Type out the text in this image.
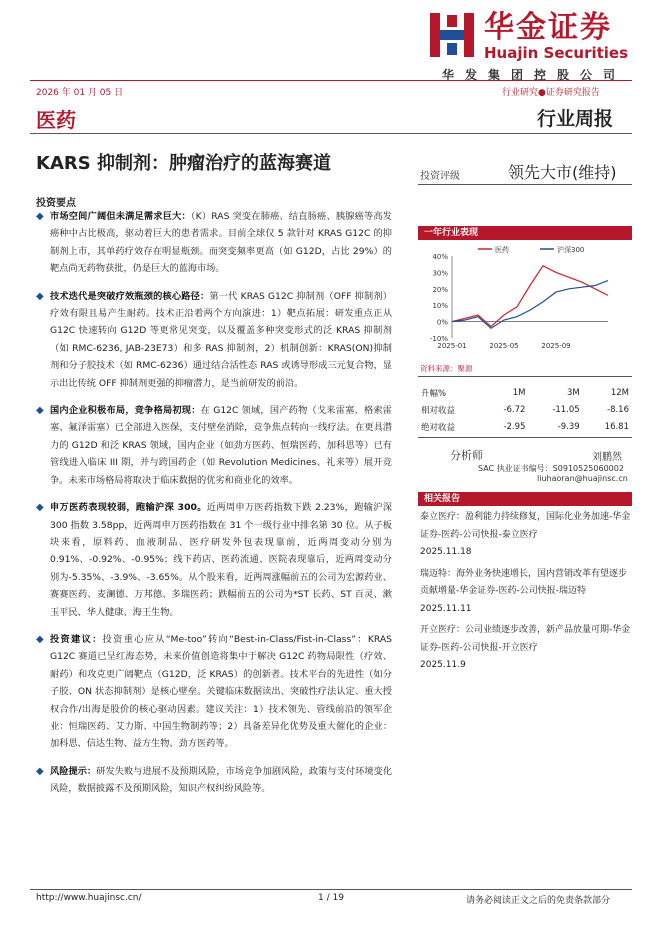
华金证券
Huajin Securities
华发集团控股公司
2026 年 01 月 05 日	行业研究●证券研究报告
医药	行业周报
KARS 抑制剂：肿瘤治疗的蓝海赛道
投资评级	领先大市(维持)
投资要点
◆ 市场空间广阔但未满足需求巨大：（K）RAS 突变在肺癌、结直肠癌、胰腺癌等高发癌种中占比极高，驱动着巨大的患者需求。目前全球仅 5 款针对 KRAS G12C 的抑制剂上市，其单药疗效存在明显瓶颈。而突变频率更高（如 G12D，占比 29%）的靶点尚无药物获批，仍是巨大的蓝海市场。
◆ 技术迭代是突破疗效瓶颈的核心路径：第一代 KRAS G12C 抑制剂（OFF 抑制剂）疗效有限且易产生耐药。技术正沿着两个方向演进：1）靶点拓展：研发重点正从 G12C 快速转向 G12D 等更常见突变，以及覆盖多种突变形式的泛 KRAS 抑制剂（如 RMC-6236, JAB-23E73）和多 RAS 抑制剂，2）机制创新：KRAS(ON)抑制剂和分子胶技术（如 RMC-6236）通过结合活性态 RAS 或诱导形成三元复合物，显示出比传统 OFF 抑制剂更强的抑瘤潜力，是当前研发的前沿。
◆ 国内企业积极布局，竞争格局初现：在 G12C 领域，国产药物（戈来雷塞、格索雷塞、氟泽雷塞）已全部进入医保，支付壁垒消除，竞争焦点转向一线疗法。在更具潜力的 G12D 和泛 KRAS 领域，国内企业（如劲方医药、恒瑞医药、加科思等）已有管线进入临床 III 期，并与跨国药企（如 Revolution Medicines、礼来等）展开竞争。未来市场格局将取决于临床数据的优劣和商业化的效率。
◆ 申万医药表现较弱，跑输沪深 300。近两周申万医药指数下跌 2.23%，跑输沪深 300 指数 3.58pp，近两周申万医药指数在 31 个一级行业中排名第 30 位。从子板块来看，原料药、血液制品、医疗研发外包表现靠前，近两周变动分别为 0.91%、-0.92%、-0.95%；线下药店、医药流通、医院表现靠后，近两周变动分别为-5.35%、-3.9%、-3.65%。从个股来看，近两周涨幅前五的公司为宏源药业、赛赛医药、麦澜德、万邦德、多瑞医药；跌幅前五的公司为*ST 长药、ST 百灵、漱玉平民、华人健康、海王生物。
◆ 投资建议：投资重心应从“Me-too”转向“Best-in-Class/Fist-in-Class”：KRAS G12C 赛道已呈红海态势，未来价值创造将集中于解决 G12C 药物局限性（疗效、耐药）和攻克更广阔靶点（G12D，泛 KRAS）的创新者。技术平台的先进性（如分子胶、ON 状态抑制剂）是核心壁垒。关键临床数据读出、突破性疗法认定、重大授权合作/出海是股价的核心驱动因素。建议关注：1）技术领先、管线前沿的领军企业：恒瑞医药、艾力斯、中国生物制药等；2）具备差异化优势及重大催化的企业：加科思、信达生物、益方生物、劲方医药等。
◆ 风险提示：研发失败与进展不及预期风险，市场竞争加剧风险，政策与支付环境变化风险，数据披露不及预期风险，知识产权纠纷风险等。
一年行业表现
-10%
0%
10%
20%
30%
40%
2025-01	2025-05	2025-09
医药	沪深300
资料来源：聚源
升幅%	1M	3M	12M
相对收益	-6.72	-11.05	-8.16
绝对收益	-2.95	-9.39	16.81
分析师	刘鹏然
SAC 执业证书编号：S0910525060002
liuhaoran@huajinsc.cn
相关报告

泰立医疗：盈利能力持续修复，国际化业务加速-华金证券-医药-公司快报-泰立医疗
2025.11.18

瑞迈特：海外业务快速增长，国内营销改革有望逐步贡献增量-华金证券-医药-公司快报-瑞迈特
2025.11.11

开立医疗：公司业绩逐步改善，新产品放量可期-华金证券-医药-公司快报-开立医疗
2025.11.9

http://www.huajinsc.cn/	1 / 19	请务必阅读正文之后的免责条款部分
